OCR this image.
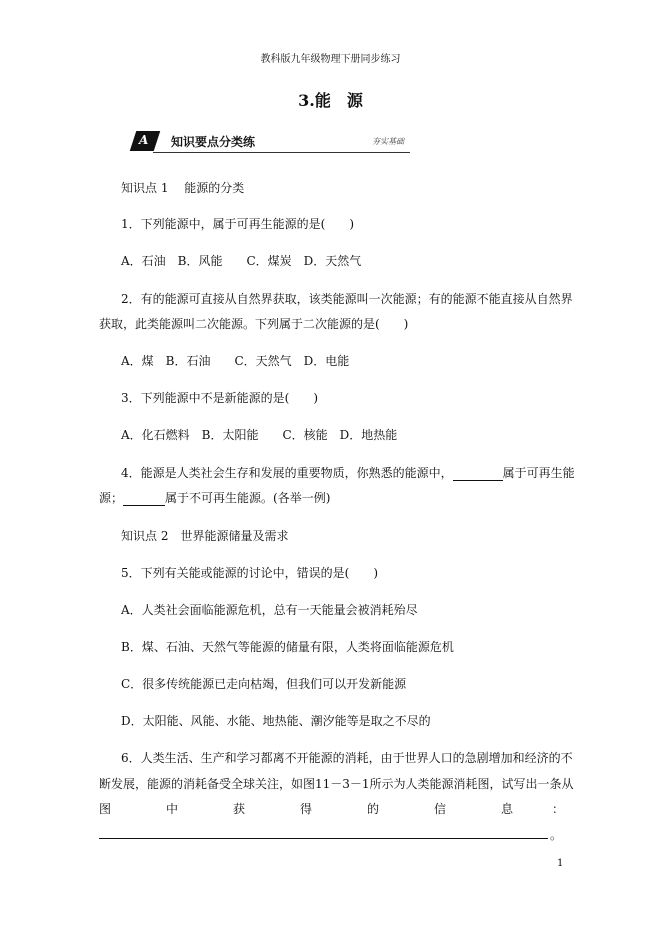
教科版九年级物理下册同步练习
3.能　源
A 知识要点分类练	夯实基础
知识点 1　 能源的分类
1．下列能源中，属于可再生能源的是(　　)
A．石油　B．风能　　C．煤炭　D．天然气
2．有的能源可直接从自然界获取，该类能源叫一次能源；有的能源不能直接从自然界
获取，此类能源叫二次能源。下列属于二次能源的是(　　)
A．煤　B．石油　　C．天然气　D．电能
3．下列能源中不是新能源的是(　　)
A．化石燃料　B．太阳能　　C．核能　D．地热能
4．能源是人类社会生存和发展的重要物质，你熟悉的能源中，	属于可再生能
源；	属于不可再生能源。(各举一例)
知识点 2　世界能源储量及需求
5．下列有关能或能源的讨论中，错误的是(　　)
A．人类社会面临能源危机，总有一天能量会被消耗殆尽
B．煤、石油、天然气等能源的储量有限，人类将面临能源危机
C．很多传统能源已走向枯竭，但我们可以开发新能源
D．太阳能、风能、水能、地热能、潮汐能等是取之不尽的
6．人类生活、生产和学习都离不开能源的消耗，由于世界人口的急剧增加和经济的不
断发展，能源的消耗备受全球关注，如图11－3－1所示为人类能源消耗图，试写出一条从
图	中	获	得	的	信	息	：
。
1
